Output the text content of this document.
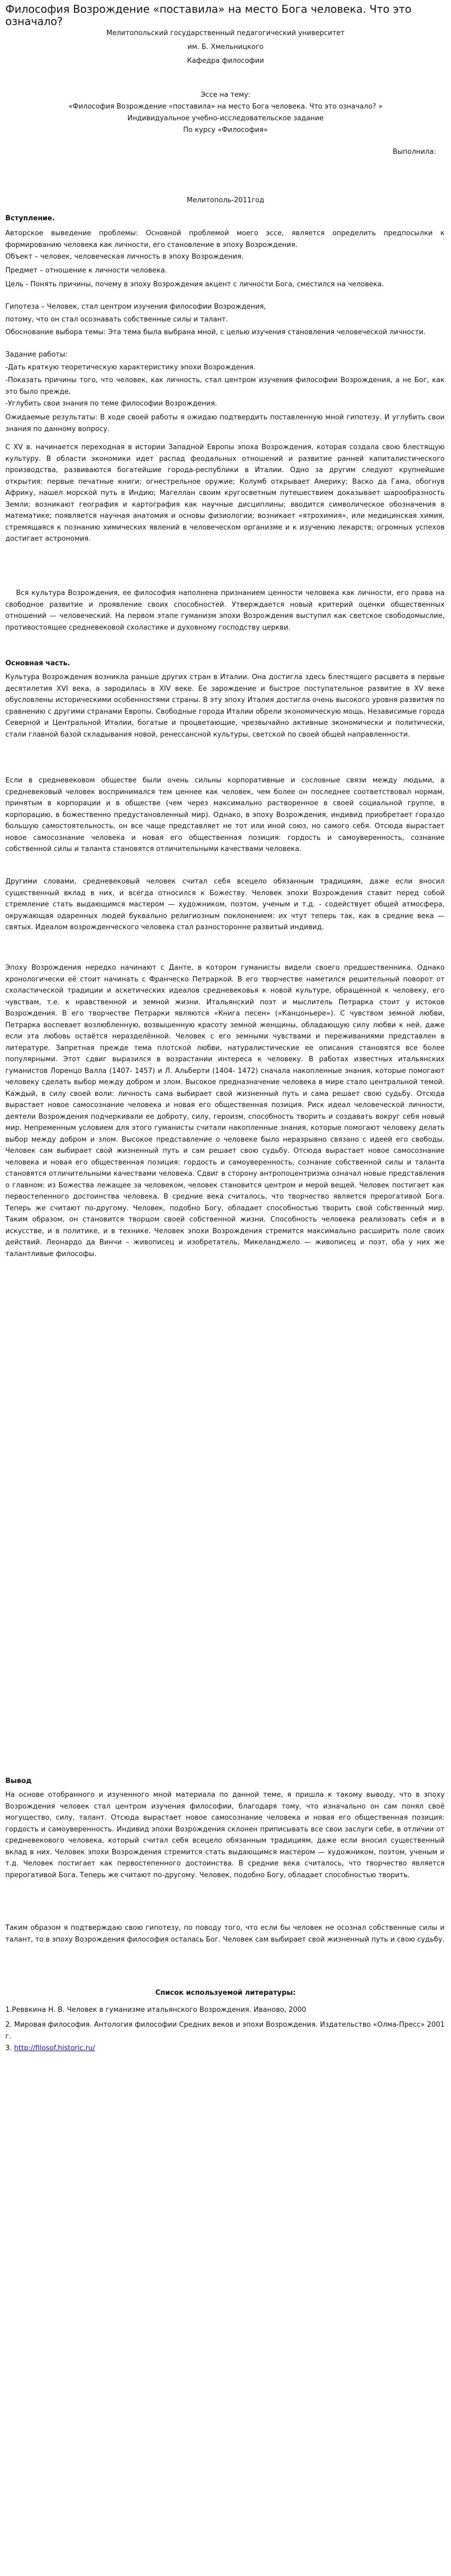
Философия Возрождение «поставила» на место Бога человека. Что это означало?
Мелитопольский государственный педагогический университет
им. Б. Хмельницкого
Кафедра философии
Эссе на тему:
«Философия Возрождение «поставила» на место Бога человека. Что это означало? »
Индивидуальное учебно-исследовательское задание
По курсу «Философия»
Выполнила:
Мелитополь-2011год
Вступление.
Авторское выведение проблемы: Основной проблемой моего эссе, является определить предпосылки к формированию человека как личности, его становление в эпоху Возрождения.
Объект – человек, человеческая личность в эпоху Возрождения.
Предмет – отношение к личности человека.
Цель - Понять причины, почему в эпоху Возрождения акцент с личности Бога, сместился на человека.
Гипотеза – Человек, стал центром изучения философии Возрождения,
потому, что он стал осознавать собственные силы и талант.
Обоснование выбора темы: Эта тема была выбрана мной, с целью изучения становления человеческой личности.
Задание работы:
-Дать краткую теоретическую характеристику эпохи Возрождения.
-Показать причины того, что человек, как личность, стал центром изучения философии Возрождения, а не Бог, как это было прежде.
-Углубить свои знания по теме философии Возрождения.
Ожидаемые результаты: В ходе своей работы я ожидаю подтвердить поставленную мной гипотезу. И углубить свои знания по данному вопросу.
С XV в. начинается переходная в истории Западной Европы эпоха Возрождения, которая создала свою блестящую культуру. В области экономики идет распад феодальных отношений и развитие ранней капиталистического производства, развиваются богатейшие города-республики в Италии. Одно за другим следуют крупнейшие открытия: первые печатные книги; огнестрельное оружие; Колумб открывает Америку; Васко да Гама, обогнув Африку, нашел морской путь в Индию; Магеллан своим кругосветным путешествием доказывает шарообразность Земли; возникают география и картография как научные дисциплины; вводится символическое обозначения в математике; появляется научная анатомия и основы физиологии; возникает «ятрохимия», или медицинская химия, стремящаяся к познанию химических явлений в человеческом организме и к изучению лекарств; огромных успехов достигает астрономия.
Вся культура Возрождения, ее философия наполнена признанием ценности человека как личности, его права на свободное развитие и проявление своих способностей. Утверждается новый критерий оценки общественных отношений — человеческий. На первом этапе гуманизм эпохи Возрождения выступил как светское свободомыслие, противостоящее средневековой схоластике и духовному господству церкви.
Основная часть.
Культура Возрождения возникла раньше других стран в Италии. Она достигла здесь блестящего расцвета в первые десятилетия XVI века, а зародилась в XIV веке. Ее зарождение и быстрое поступательное развитие в XV веке обусловлены историческими особенностями страны. В эту эпоху Италия достигла очень высокого уровня развития по сравнению с другими странами Европы. Свободные города Италии обрели экономическую мощь. Независимые города Северной и Центральной Италии, богатые и процветающие, чрезвычайно активные экономически и политически, стали главной базой складывания новой, ренессансной культуры, светской по своей общей направленности.
Если в средневековом обществе были очень сильны корпоративные и сословные связи между людьми, а средневековый человек воспринимался тем ценнее как человек, чем более он последнее соответствовал нормам, принятым в корпорации и в обществе (чем через максимально растворенное в своей социальной группе, в корпорацию, в божественно предустановленный мир). Однако, в эпоху Возрождения, индивид приобретает гораздо большую самостоятельность, он все чаще представляет не тот или иной союз, но самого себя. Отсюда вырастает новое самосознание человека и новая его общественная позиция: гордость и самоуверенность, сознание собственной силы и таланта становятся отличительными качествами человека.
Другими словами, средневековый человек считал себя всецело обязанным традициям, даже если вносил существенный вклад в них, и всегда относился к Божеству. Человек эпохи Возрождения ставит перед собой стремление стать выдающимся мастером — художником, поэтом, ученым и т.д. - содействует общей атмосфера, окружающая одаренных людей буквально религиозным поклонением: их чтут теперь так, как в средние века — святых. Идеалом возрожденческого человека стал разносторонне развитый индивид.
Эпоху Возрождения нередко начинают с Данте, в котором гуманисты видели своего предшественника. Однако хронологически её стоит начинать с Франческо Петраркой. В его творчестве наметился решительный поворот от схоластической традиции и аскетических идеалов средневековья к новой культуре, обращенной к человеку, его чувствам, т.е. к нравственной и земной жизни. Итальянский поэт и мыслитель Петрарка стоит у истоков Возрождения. В его творчестве Петрарки являются «Книга песен» («Канцоньере»). С чувством земной любви, Петрарка воспевает возлюбленную, возвышенную красоту земной женщины, обладающую силу любви к ней, даже если эта любовь остаётся неразделённой. Человек с его земными чувствами и переживаниями представлен в литературе. Запретная прежде тема плотской любви, натуралистические ее описания становятся все более популярными. Этот сдвиг выразился в возрастании интереса к человеку. В работах известных итальянских гуманистов Лоренцо Валла (1407- 1457) и Л. Альберти (1404- 1472) сначала накопленные знания, которые помогают человеку сделать выбор между добром и злом. Высокое предназначение человека в мире стало центральной темой. Каждый, в силу своей воли: личность сама выбирает свой жизненный путь и сама решает свою судьбу. Отсюда вырастает новое самосознание человека и новая его общественная позиция. Риск идеал человеческой личности, деятели Возрождения подчеркивали ее доброту, силу, героизм, способность творить и создавать вокруг себя новый мир. Непременным условием для этого гуманисты считали накопленные знания, которые помогают человеку делать выбор между добром и злом. Высокое представление о человеке было неразрывно связано с идеей его свободы. Человек сам выбирает свой жизненный путь и сам решает свою судьбу. Отсюда вырастает новое самосознание человека и новая его общественная позиция: гордость и самоуверенность, сознание собственной силы и таланта становятся отличительными качествами человека. Сдвиг в сторону антропоцентризма означал новые представления о главном: из Божества лежащее за человеком, человек становится центром и мерой вещей. Человек постигает как первостепенного достоинства человека. В средние века считалось, что творчество является прерогативой Бога. Теперь же считают по-другому. Человек, подобно Богу, обладает способностью творить свой собственный мир. Таким образом, он становится творцом своей собственной жизни. Способность человека реализовать себя и в искусстве, и в политике, и в технике. Человек эпохи Возрождения стремится максимально расширить поле своих действий. Леонардо да Винчи – живописец и изобретатель, Микеланджело — живописец и поэт, оба у них же талантливые философы.
Вывод
На основе отобранного и изученного мной материала по данной теме, я пришла к такому выводу, что в эпоху Возрождения человек стал центром изучения философии, благодаря тому, что изначально он сам понял своё могущество, силу, талант. Отсюда вырастает новое самосознание человека и новая его общественная позиция: гордость и самоуверенность. Индивид эпохи Возрождения склонен приписывать все свои заслуги себе, в отличии от средневекового человека, который считал себя всецело обязанным традициям, даже если вносил существенный вклад в них. Человек эпохи Возрождения стремится стать выдающимся мастером — художником, поэтом, ученым и т.д. Человек постигает как первостепенного достоинства. В средние века считалось, что творчество является прерогативой Бога. Теперь же считают по-другому. Человек, подобно Богу, обладает способностью творить.
Таким образом я подтверждаю свою гипотезу, по поводу того, что если бы человек не осознал собственные силы и талант, то в эпоху Возрождения философия осталась Бог. Человек сам выбирает свой жизненный путь и свою судьбу.
Список используемой литературы:
1.Реввкина Н. В. Человек в гуманизме итальянского Возрождения. Иваново, 2000
2. Мировая философия. Антология философии Средних веков и эпохи Возрождения. Издательство «Олма-Пресс» 2001 г.
3. http://filosof.historic.ru/
